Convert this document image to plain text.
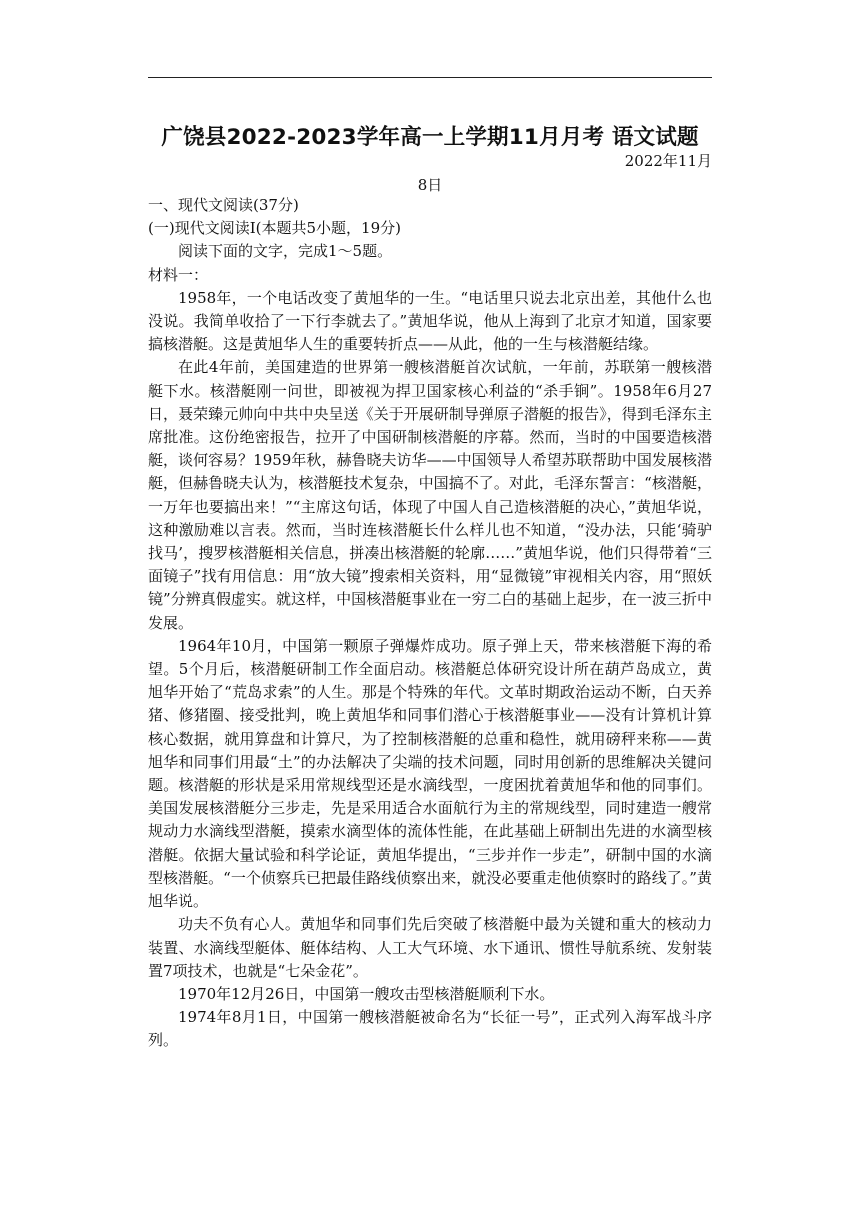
广饶县2022-2023学年高一上学期11月月考 语文试题
2022年11月
8日

一、现代文阅读(37分)

(一)现代文阅读Ⅰ(本题共5小题，19分)

阅读下面的文字，完成1～5题。

材料一：

1958年，一个电话改变了黄旭华的一生。“电话里只说去北京出差，其他什么也没说。我简单收拾了一下行李就去了。”黄旭华说，他从上海到了北京才知道，国家要搞核潜艇。这是黄旭华人生的重要转折点——从此，他的一生与核潜艇结缘。

在此4年前，美国建造的世界第一艘核潜艇首次试航，一年前，苏联第一艘核潜艇下水。核潜艇刚一问世，即被视为捍卫国家核心利益的“杀手锏”。1958年6月27日，聂荣臻元帅向中共中央呈送《关于开展研制导弹原子潜艇的报告》，得到毛泽东主席批准。这份绝密报告，拉开了中国研制核潜艇的序幕。然而，当时的中国要造核潜艇，谈何容易？1959年秋，赫鲁晓夫访华——中国领导人希望苏联帮助中国发展核潜艇，但赫鲁晓夫认为，核潜艇技术复杂，中国搞不了。对此，毛泽东誓言：“核潜艇，一万年也要搞出来！”“主席这句话，体现了中国人自己造核潜艇的决心，”黄旭华说，这种激励难以言表。然而，当时连核潜艇长什么样儿也不知道，“没办法，只能‘骑驴找马’，搜罗核潜艇相关信息，拼凑出核潜艇的轮廓……”黄旭华说，他们只得带着“三面镜子”找有用信息：用“放大镜”搜索相关资料，用“显微镜”审视相关内容，用“照妖镜”分辨真假虚实。就这样，中国核潜艇事业在一穷二白的基础上起步，在一波三折中发展。

1964年10月，中国第一颗原子弹爆炸成功。原子弹上天，带来核潜艇下海的希望。5个月后，核潜艇研制工作全面启动。核潜艇总体研究设计所在葫芦岛成立，黄旭华开始了“荒岛求索”的人生。那是个特殊的年代。文革时期政治运动不断，白天养猪、修猪圈、接受批判，晚上黄旭华和同事们潜心于核潜艇事业——没有计算机计算核心数据，就用算盘和计算尺，为了控制核潜艇的总重和稳性，就用磅秤来称——黄旭华和同事们用最“土”的办法解决了尖端的技术问题，同时用创新的思维解决关键问题。核潜艇的形状是采用常规线型还是水滴线型，一度困扰着黄旭华和他的同事们。美国发展核潜艇分三步走，先是采用适合水面航行为主的常规线型，同时建造一艘常规动力水滴线型潜艇，摸索水滴型体的流体性能，在此基础上研制出先进的水滴型核潜艇。依据大量试验和科学论证，黄旭华提出，“三步并作一步走”，研制中国的水滴型核潜艇。“一个侦察兵已把最佳路线侦察出来，就没必要重走他侦察时的路线了。”黄旭华说。

功夫不负有心人。黄旭华和同事们先后突破了核潜艇中最为关键和重大的核动力装置、水滴线型艇体、艇体结构、人工大气环境、水下通讯、惯性导航系统、发射装置7项技术，也就是“七朵金花”。

1970年12月26日，中国第一艘攻击型核潜艇顺利下水。

1974年8月1日，中国第一艘核潜艇被命名为“长征一号”，正式列入海军战斗序列。
